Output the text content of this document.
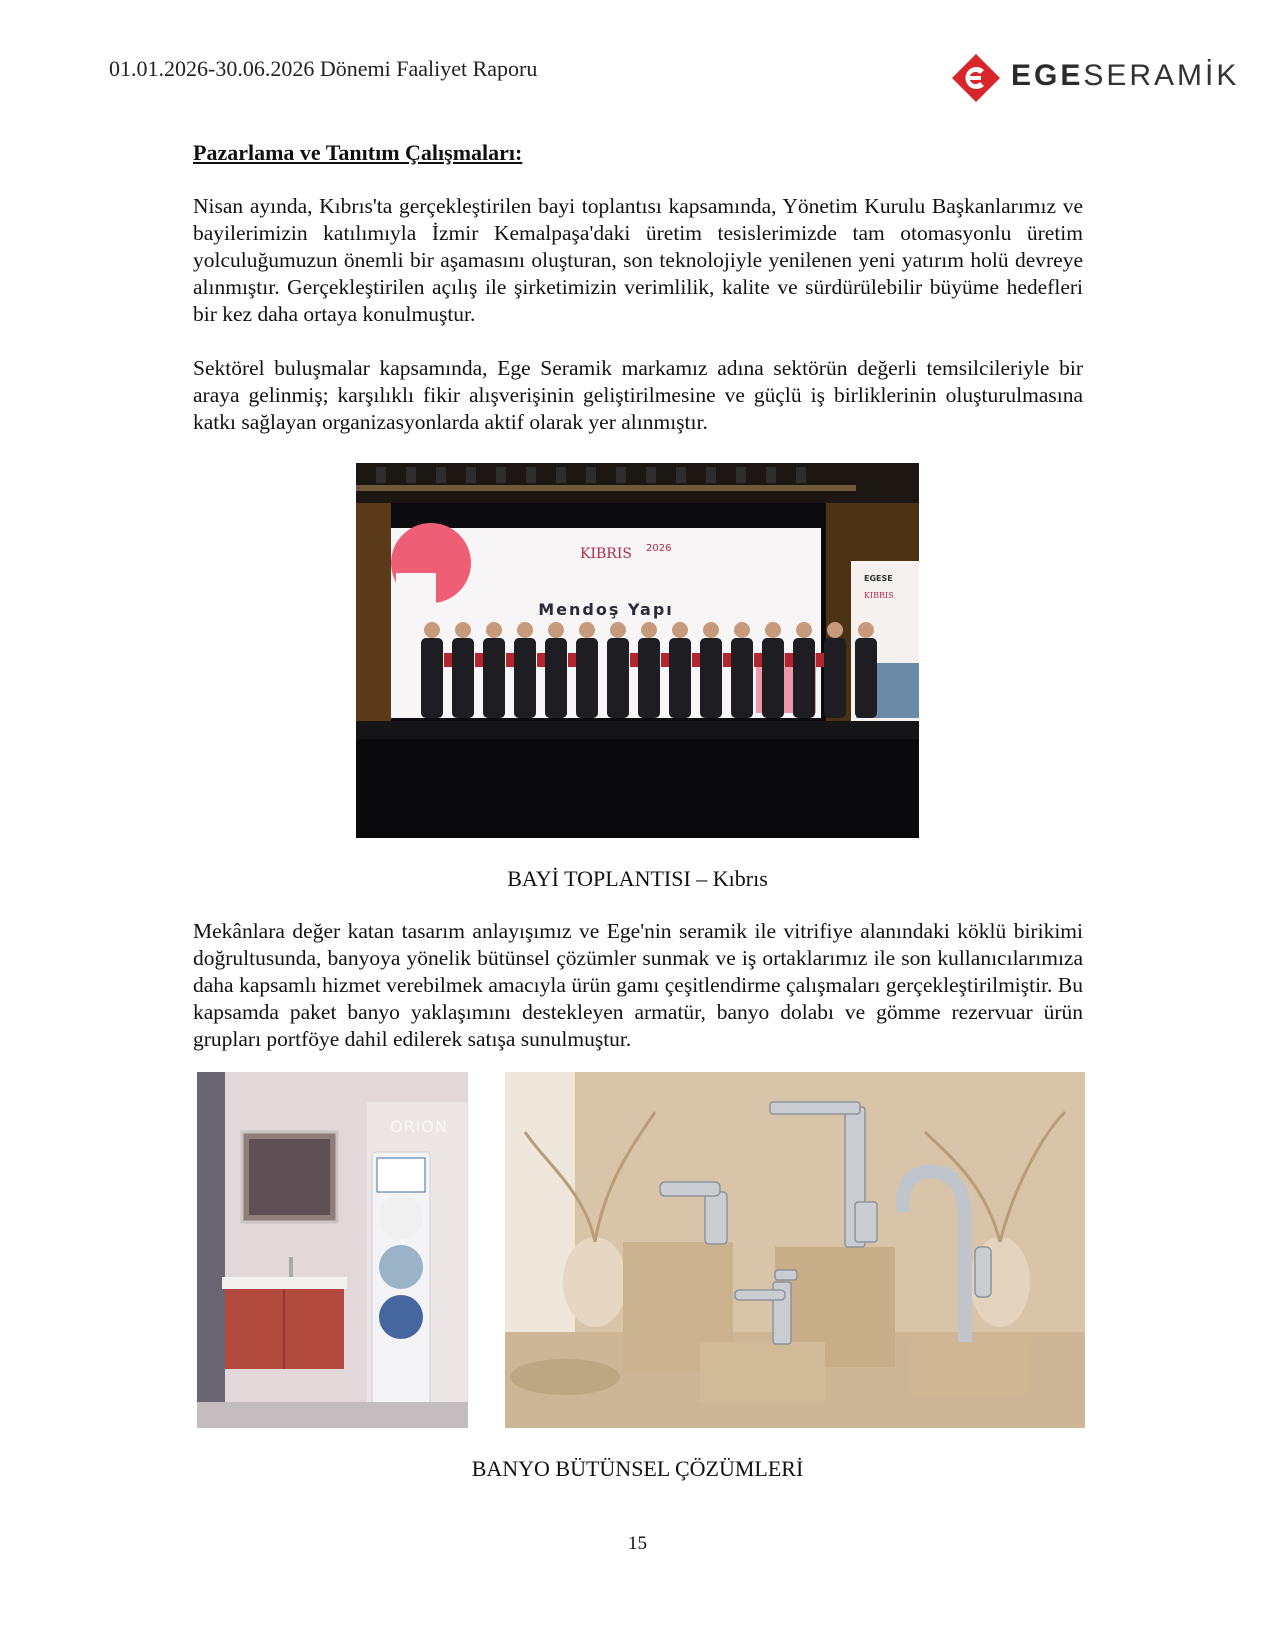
01.01.2026-30.06.2026 Dönemi Faaliyet Raporu	EGESERAMİK
Pazarlama ve Tanıtım Çalışmaları:

Nisan ayında, Kıbrıs'ta gerçekleştirilen bayi toplantısı kapsamında, Yönetim Kurulu Başkanlarımız ve bayilerimizin katılımıyla İzmir Kemalpaşa'daki üretim tesislerimizde tam otomasyonlu üretim yolculuğumuzun önemli bir aşamasını oluşturan, son teknolojiyle yenilenen yeni yatırım holü devreye alınmıştır. Gerçekleştirilen açılış ile şirketimizin verimlilik, kalite ve sürdürülebilir büyüme hedefleri bir kez daha ortaya konulmuştur.

Sektörel buluşmalar kapsamında, Ege Seramik markamız adına sektörün değerli temsilcileriyle bir araya gelinmiş; karşılıklı fikir alışverişinin geliştirilmesine ve güçlü iş birliklerinin oluşturulmasına katkı sağlayan organizasyonlarda aktif olarak yer alınmıştır.

KIBRIS 2026
Mendoş Yapı
EGESE
KIBRIS
BAYİ TOPLANTISI – Kıbrıs

Mekânlara değer katan tasarım anlayışımız ve Ege'nin seramik ile vitrifiye alanındaki köklü birikimi doğrultusunda, banyoya yönelik bütünsel çözümler sunmak ve iş ortaklarımız ile son kullanıcılarımıza daha kapsamlı hizmet verebilmek amacıyla ürün gamı çeşitlendirme çalışmaları gerçekleştirilmiştir. Bu kapsamda paket banyo yaklaşımını destekleyen armatür, banyo dolabı ve gömme rezervuar ürün grupları portföye dahil edilerek satışa sunulmuştur.

ORION
BANYO BÜTÜNSEL ÇÖZÜMLERİ
15
